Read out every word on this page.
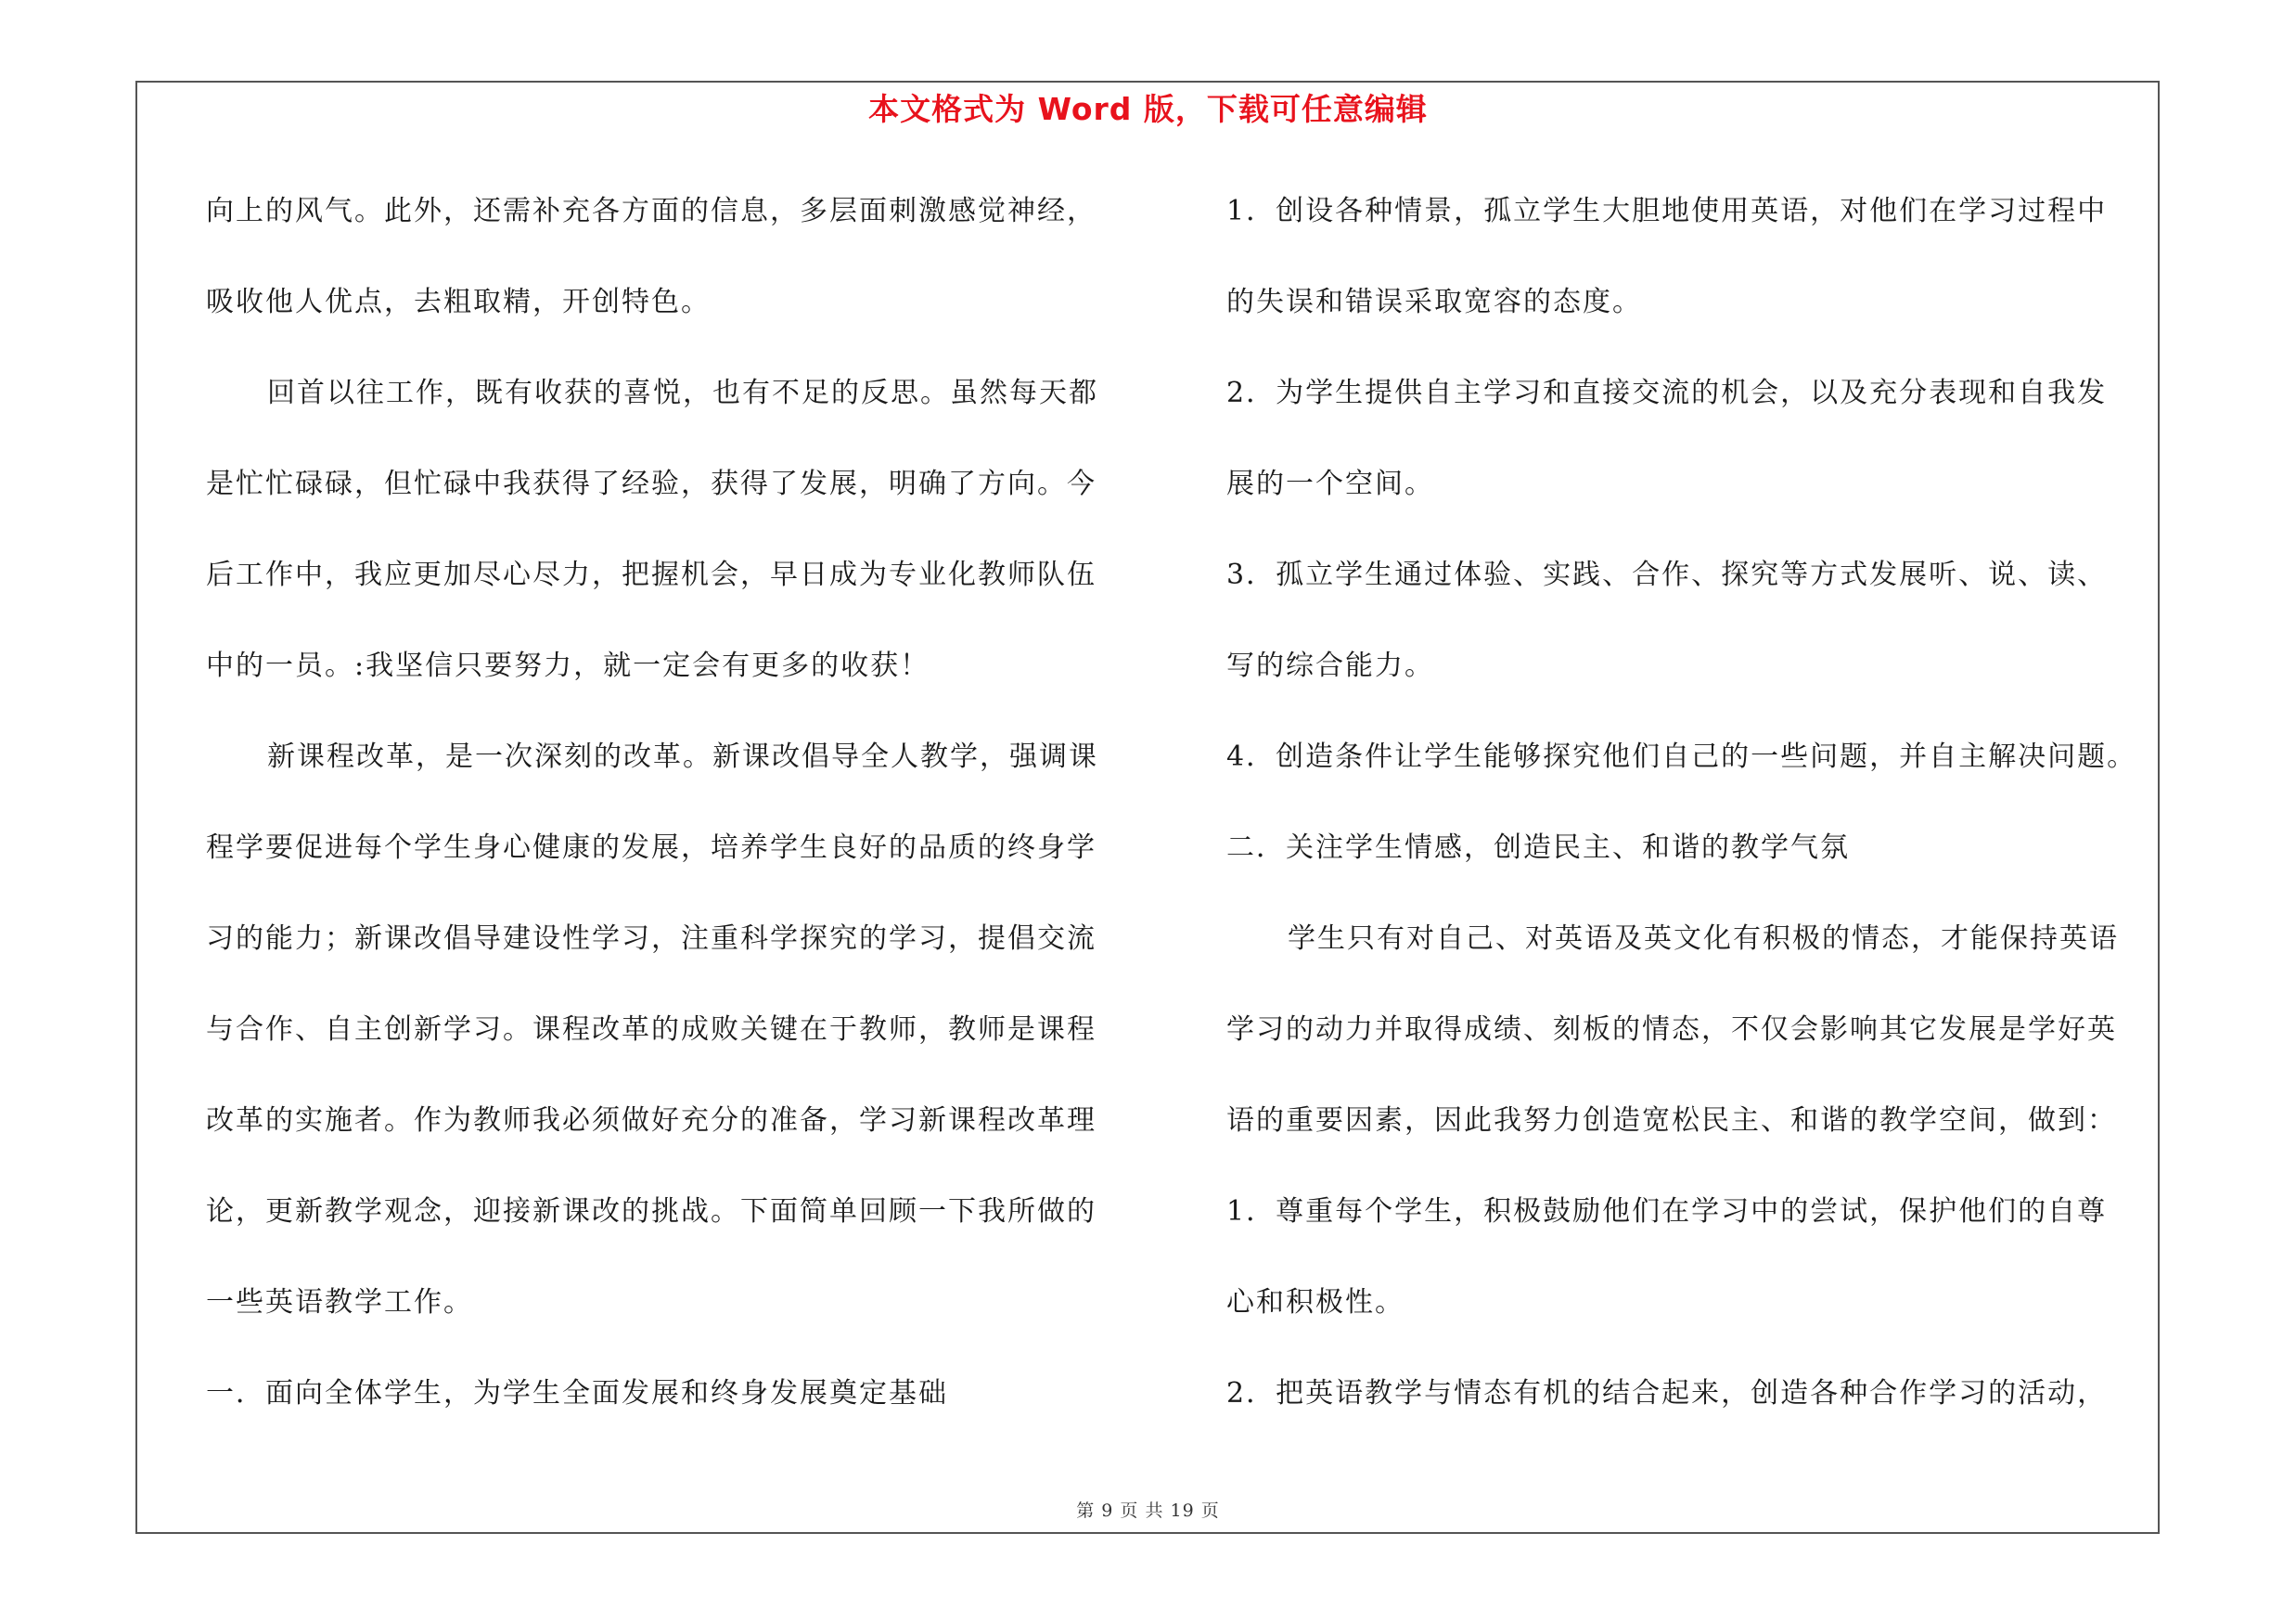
本文格式为 Word 版，下载可任意编辑
向上的风气。此外，还需补充各方面的信息，多层面刺激感觉神经，
吸收他人优点，去粗取精，开创特色。
回首以往工作，既有收获的喜悦，也有不足的反思。虽然每天都
是忙忙碌碌，但忙碌中我获得了经验，获得了发展，明确了方向。今
后工作中，我应更加尽心尽力，把握机会，早日成为专业化教师队伍
中的一员。:我坚信只要努力，就一定会有更多的收获！
新课程改革，是一次深刻的改革。新课改倡导全人教学，强调课
程学要促进每个学生身心健康的发展，培养学生良好的品质的终身学
习的能力；新课改倡导建设性学习，注重科学探究的学习，提倡交流
与合作、自主创新学习。课程改革的成败关键在于教师，教师是课程
改革的实施者。作为教师我必须做好充分的准备，学习新课程改革理
论，更新教学观念，迎接新课改的挑战。下面简单回顾一下我所做的
一些英语教学工作。
一．面向全体学生，为学生全面发展和终身发展奠定基础
1．创设各种情景，孤立学生大胆地使用英语，对他们在学习过程中
的失误和错误采取宽容的态度。
2．为学生提供自主学习和直接交流的机会，以及充分表现和自我发
展的一个空间。
3．孤立学生通过体验、实践、合作、探究等方式发展听、说、读、
写的综合能力。
4．创造条件让学生能够探究他们自己的一些问题，并自主解决问题。
二．关注学生情感，创造民主、和谐的教学气氛
学生只有对自己、对英语及英文化有积极的情态，才能保持英语
学习的动力并取得成绩、刻板的情态，不仅会影响其它发展是学好英
语的重要因素，因此我努力创造宽松民主、和谐的教学空间，做到：
1．尊重每个学生，积极鼓励他们在学习中的尝试，保护他们的自尊
心和积极性。
2．把英语教学与情态有机的结合起来，创造各种合作学习的活动，
第 9 页 共 19 页
